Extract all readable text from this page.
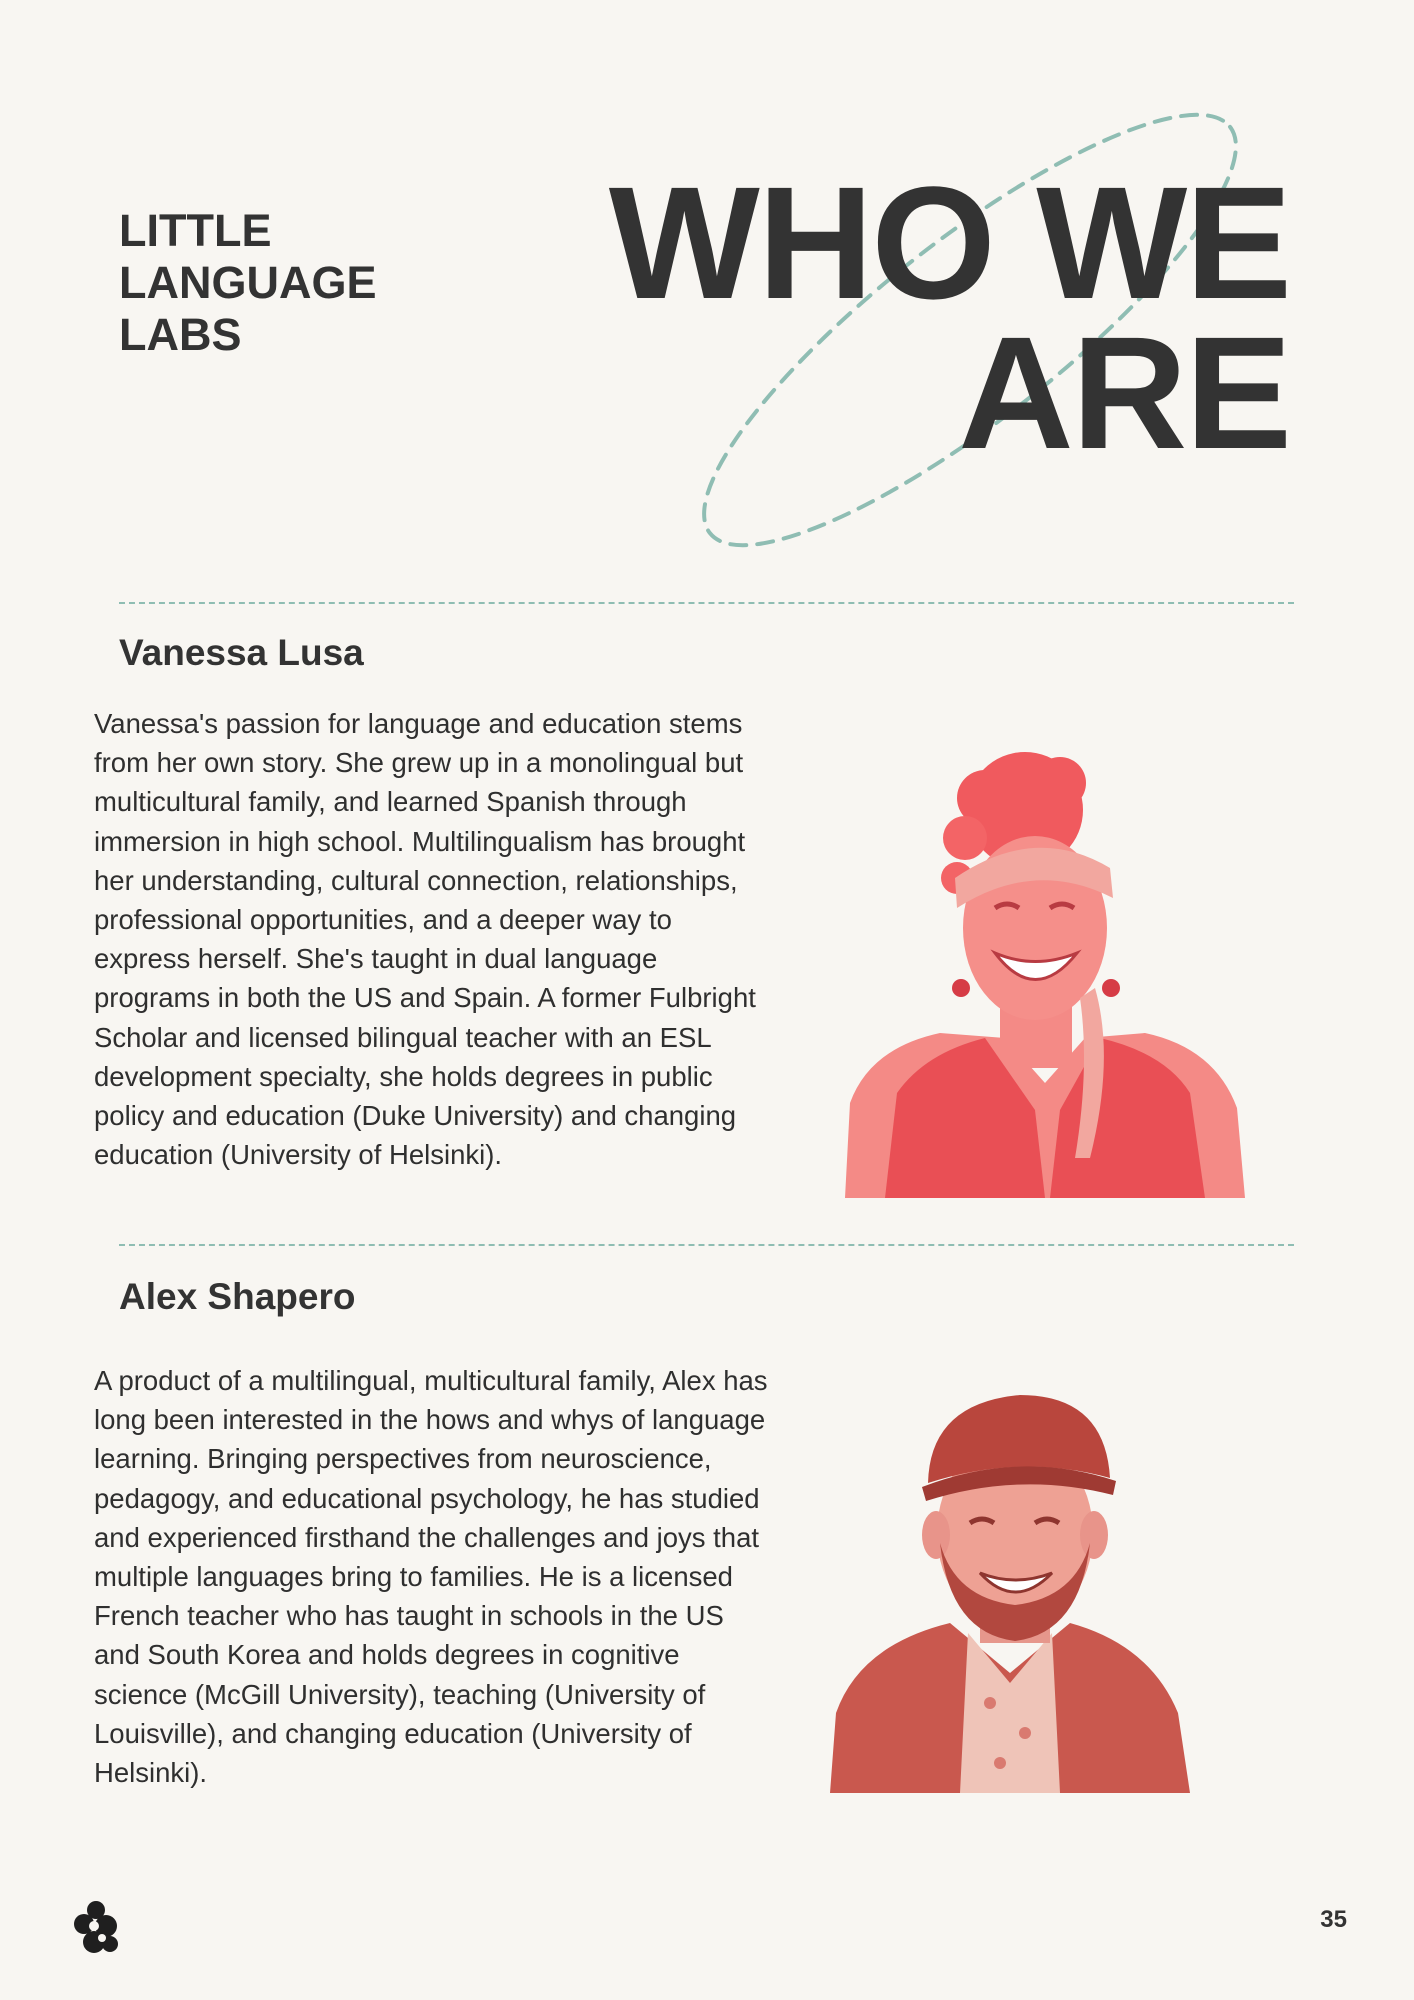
LITTLE
LANGUAGE
LABS
WHO WE
ARE
Vanessa Lusa

Vanessa's passion for language and education stems from her own story. She grew up in a monolingual but multicultural family, and learned Spanish through immersion in high school. Multilingualism has brought her understanding, cultural connection, relationships, professional opportunities, and a deeper way to express herself. She's taught in dual language programs in both the US and Spain. A former Fulbright Scholar and licensed bilingual teacher with an ESL development specialty, she holds degrees in public policy and education (Duke University) and changing education (University of Helsinki).

Alex Shapero

A product of a multilingual, multicultural family, Alex has long been interested in the hows and whys of language learning. Bringing perspectives from neuroscience, pedagogy, and educational psychology, he has studied and experienced firsthand the challenges and joys that multiple languages bring to families. He is a licensed French teacher who has taught in schools in the US and South Korea and holds degrees in cognitive science (McGill University), teaching (University of Louisville), and changing education (University of Helsinki).

35
